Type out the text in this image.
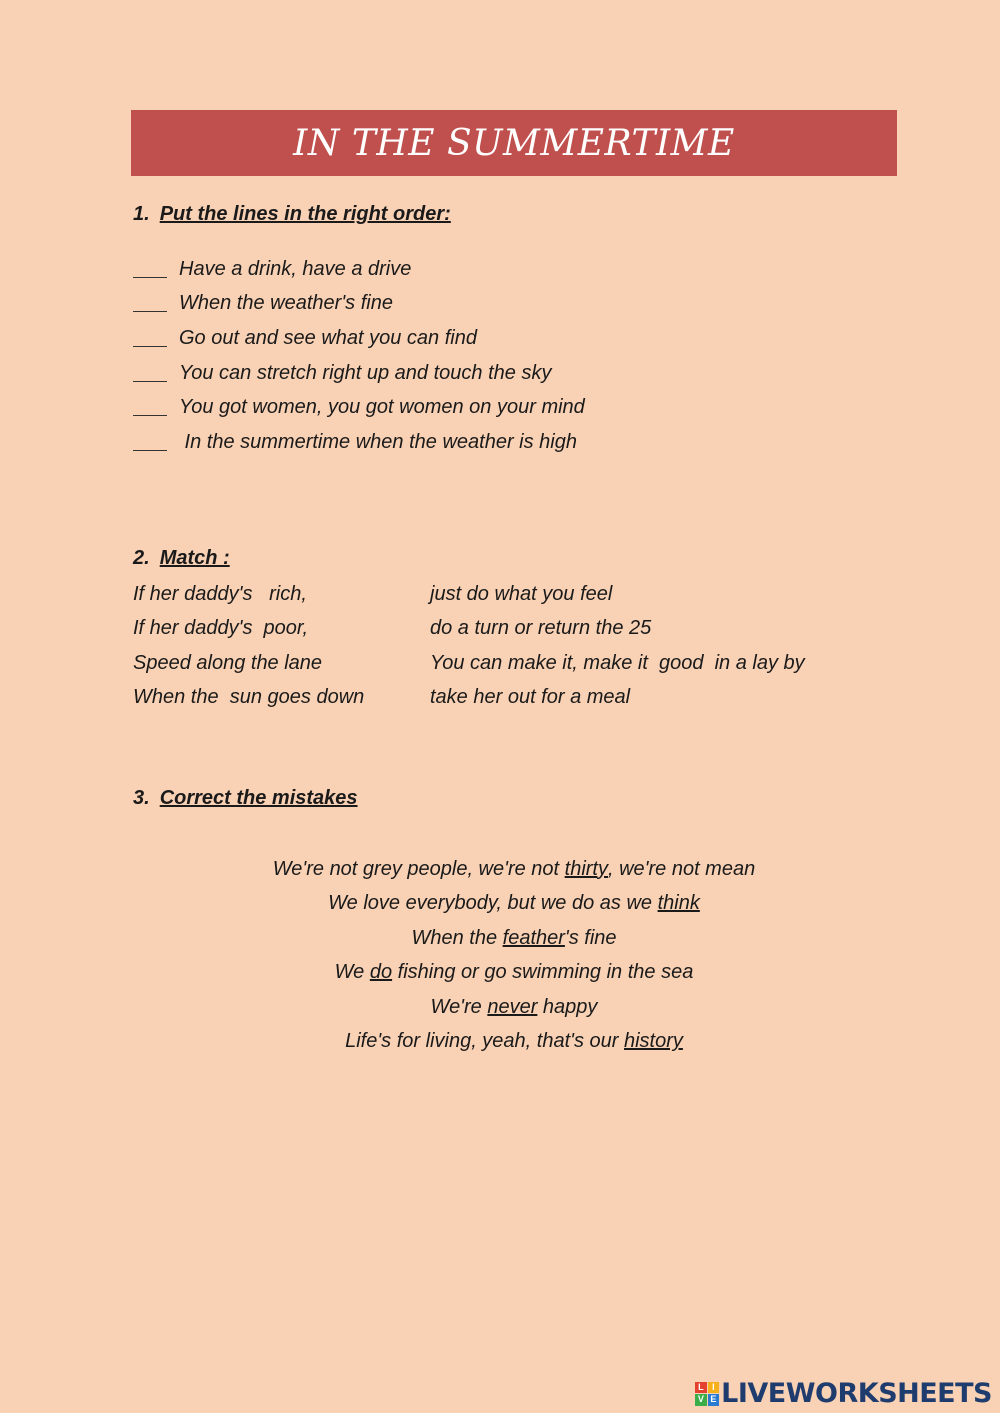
IN THE SUMMERTIME
1. Put the lines in the right order:
Have a drink, have a drive
When the weather's fine
Go out and see what you can find
You can stretch right up and touch the sky
You got women, you got women on your mind
In the summertime when the weather is high
2. Match :
If her daddy's   rich,	just do what you feel
If her daddy's  poor,	do a turn or return the 25
Speed along the lane	You can make it, make it  good  in a lay by
When the  sun goes down	take her out for a meal
3. Correct the mistakes
We're not grey people, we're not thirty , we're not mean
We love everybody, but we do as we think
When the feather 's fine
We do fishing or go swimming in the sea
We're never happy
Life's for living, yeah, that's our history
L I
V E LIVEWORKSHEETS
